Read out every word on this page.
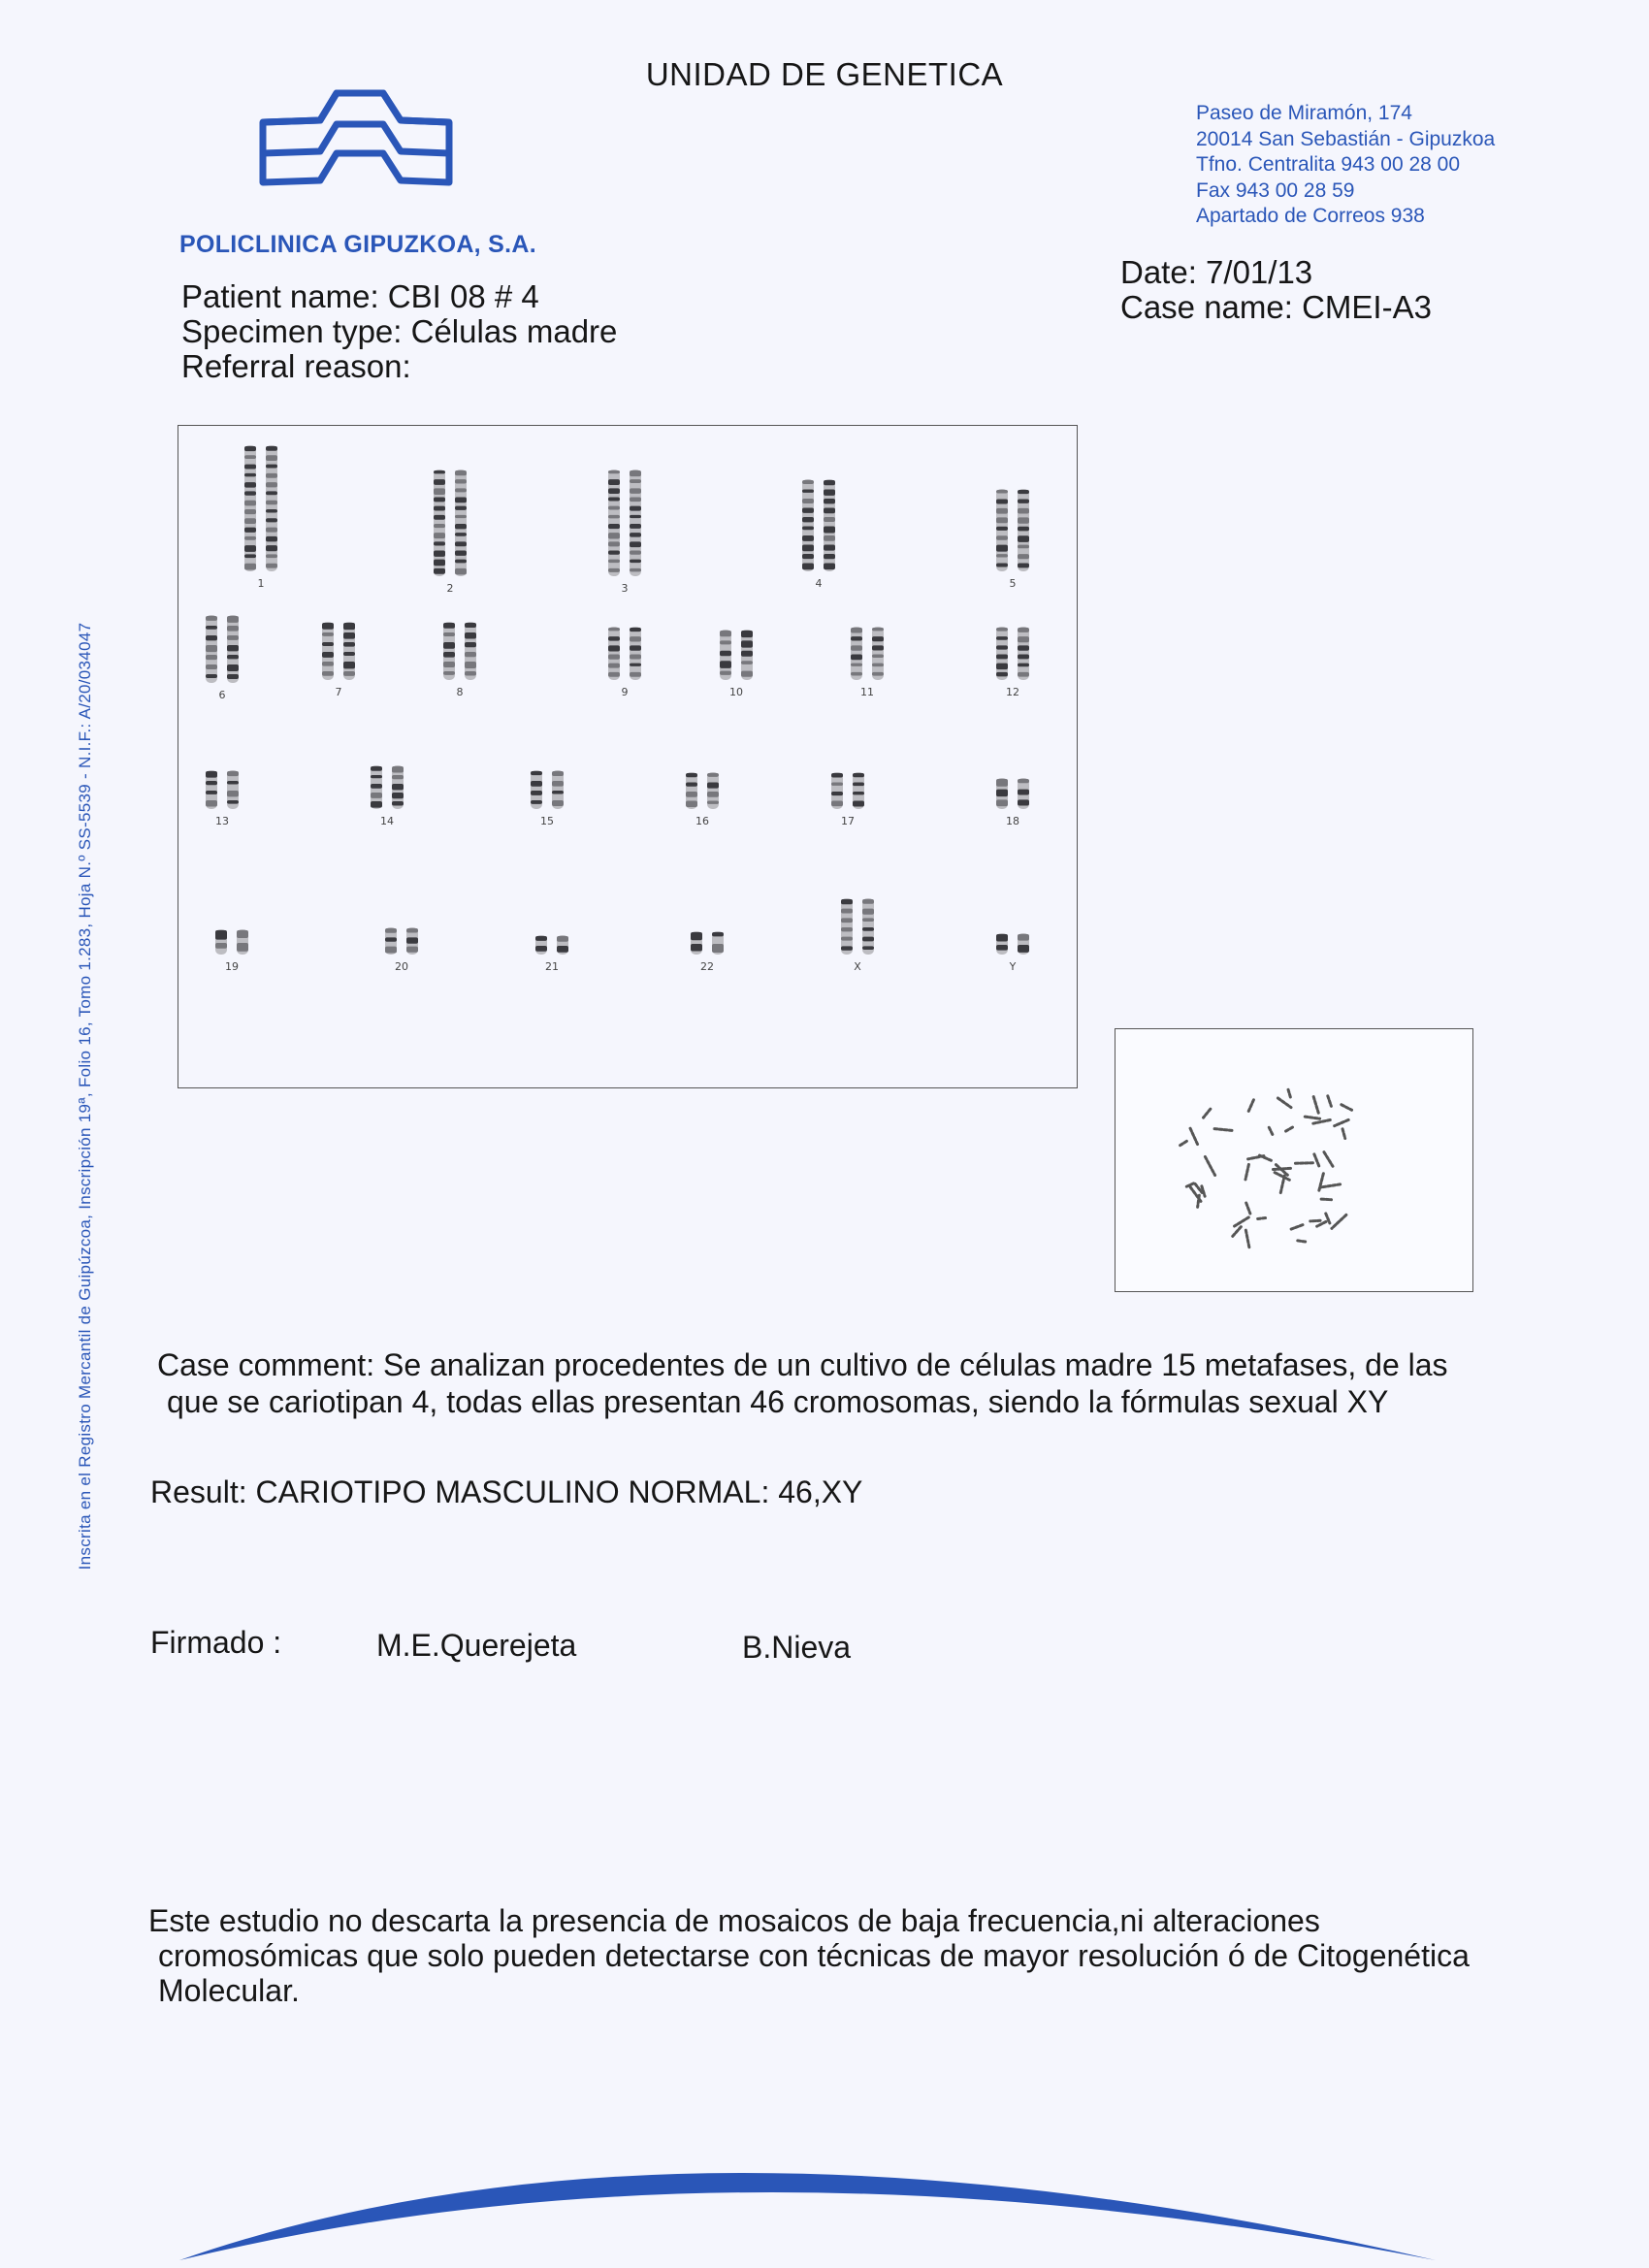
UNIDAD DE GENETICA
POLICLINICA GIPUZKOA, S.A.
Paseo de Miramón, 174
20014 San Sebastián - Gipuzkoa
Tfno. Centralita 943 00 28 00
Fax 943 00 28 59
Apartado de Correos 938
Patient name: CBI 08 # 4
Specimen type: Células madre
Referral reason:
Date: 7/01/13
Case name: CMEI-A3
1	2	3	4	5
6	7	8	9	10	11	12
13	14	15	16	17	18
19	20	21	22	X	Y
Case comment: Se analizan procedentes de un cultivo de células madre 15 metafases, de las
que se cariotipan 4, todas ellas presentan 46 cromosomas, siendo la fórmulas sexual XY
Result: CARIOTIPO MASCULINO NORMAL: 46,XY
Firmado :	M.E.Querejeta	B.Nieva
Este estudio no descarta la presencia de mosaicos de baja frecuencia,ni alteraciones
cromosómicas que solo pueden detectarse con técnicas de mayor resolución ó de Citogenética
Molecular.
Inscrita en el Registro Mercantil de Guipúzcoa, Inscripción 19ª, Folio 16, Tomo 1.283, Hoja N.º SS-5539 - N.I.F.: A/20/034047
